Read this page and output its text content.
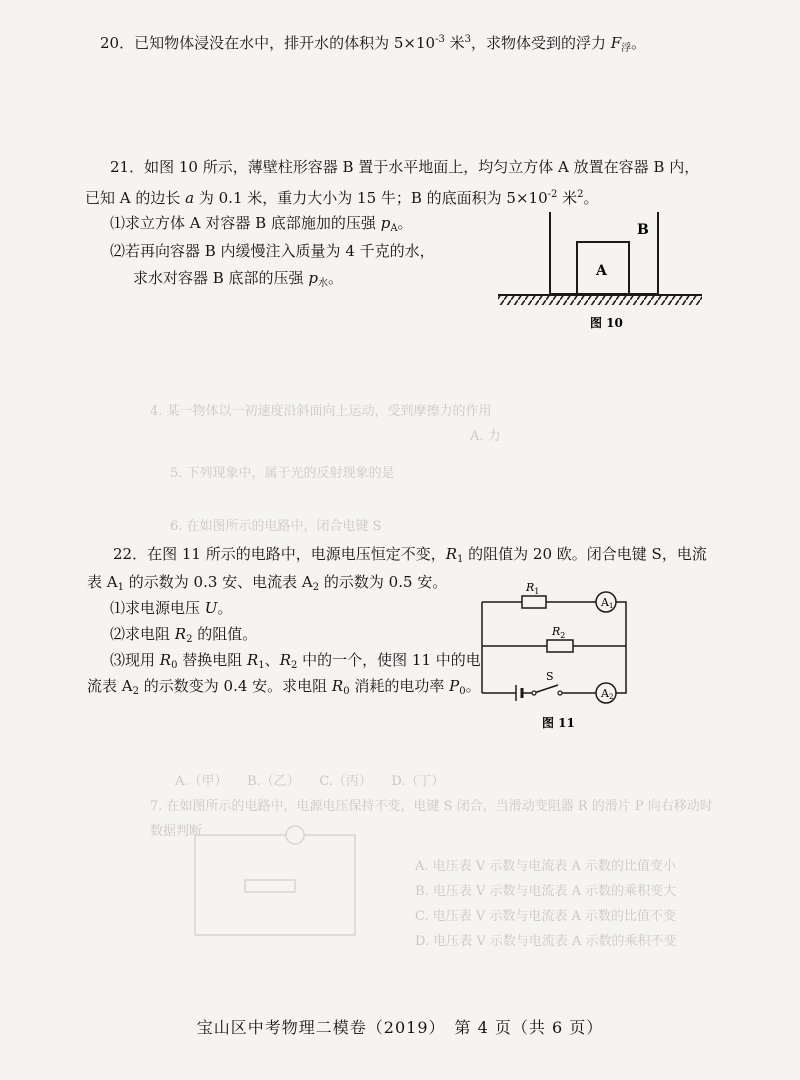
A. 力
4. 某一物体以一初速度沿斜面向上运动，受到摩擦力的作用
5. 下列现象中，属于光的反射现象的是
6. 在如图所示的电路中，闭合电键 S
A.（甲）　　B.（乙）　　C.（丙）　　D.（丁）
7. 在如图所示的电路中，电源电压保持不变，电键 S 闭合，当滑动变阻器 R 的滑片 P 向右移动时
数据判断
A. 电压表 V 示数与电流表 A 示数的比值变小
B. 电压表 V 示数与电流表 A 示数的乘积变大
C. 电压表 V 示数与电流表 A 示数的比值不变
D. 电压表 V 示数与电流表 A 示数的乘积不变
20．已知物体浸没在水中，排开水的体积为 $5\times 10^{-3}$ 米$^3$，求物体受到的浮力 $F_浮$。
21．如图 10 所示，薄壁柱形容器 B 置于水平地面上，均匀立方体 A 放置在容器 B 内，
已知 A 的边长 a 为 0.1 米，重力大小为 15 牛；B 的底面积为 $5\times 10^{-2}$ 米$^2$。
⑴求立方体 A 对容器 B 底部施加的压强 $p_A$。
⑵若再向容器 B 内缓慢注入质量为 4 千克的水，
求水对容器 B 底部的压强 $p_水$。	A
B
图 10
22．在图 11 所示的电路中，电源电压恒定不变，$R_1$ 的阻值为 20 欧。闭合电键 S，电流
表 $A_1$ 的示数为 0.3 安、电流表 $A_2$ 的示数为 0.5 安。
⑴求电源电压 U。
⑵求电阻 $R_2$ 的阻值。
⑶现用 $R_0$ 替换电阻 $R_1$、$R_2$ 中的一个，使图 11 中的电
流表 $A_2$ 的示数变为 0.4 安。求电阻 $R_0$ 消耗的电功率 $P_0$。
$R_1$
$R_2$
S
A1
A2
图 11
宝山区中考物理二模卷（2019）　第 4 页（共 6 页）
